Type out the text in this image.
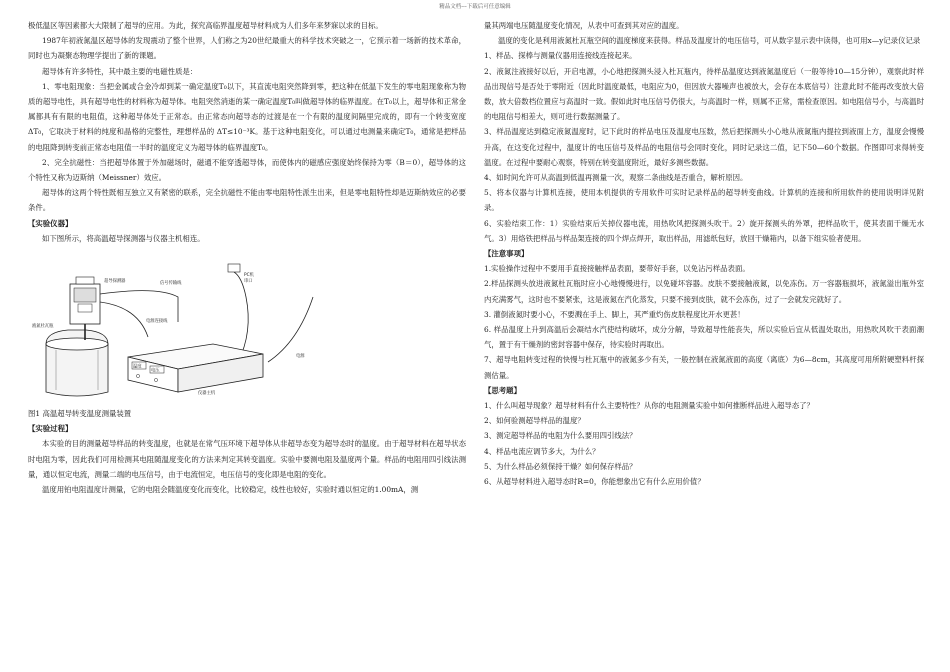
精品文档---下载后可任意编辑

极低温区等因素都大大限制了超导的应用。为此，探究高临界温度超导材料成为人们多年来梦寐以求的目标。

1987年初液氮温区超导体的发现震动了整个世界，人们称之为20世纪最重大的科学技术突破之一，它预示着一场新的技术革命，同时也为凝聚态物理学提出了新的课题。

超导体有许多特性，其中最主要的电磁性质是：

1、零电阻现象：当把金属或合金冷却到某一确定温度T₀以下，其直流电阻突然降到零，把这种在低温下发生的零电阻现象称为物质的超导电性，具有超导电性的材料称为超导体。电阻突然消逝的某一确定温度T₀叫做超导体的临界温度。在T₀以上，超导体和正常金属都具有有限的电阻值，这种超导体处于正常态。由正常态向超导态的过渡是在一个有限的温度间隔里完成的，即有一个转变宽度 ΔT₀，它取决于材料的纯度和晶格的完整性，理想样品的 ΔT≤10⁻³K。基于这种电阻变化，可以通过电测量来确定T₀，通常是把样品的电阻降到转变前正常态电阻值一半时的温度定义为超导体的临界温度T₀。

2、完全抗磁性：当把超导体置于外加磁场时，磁通不能穿透超导体，而使体内的磁感应强度始终保持为零（B＝0），超导体的这个特性又称为迈斯纳（Meissner）效应。

超导体的这两个特性既相互独立又有紧密的联系，完全抗磁性不能由零电阻特性派生出来，但是零电阻特性却是迈斯纳效应的必要条件。

【实验仪器】

如下图所示，将高温超导探测器与仪器主机相连。

温度
电压
信号传输线
PC机
串口
电源连接线
电源
液氮杜瓦瓶
超导探测器
仪器主机

图1 高温超导转变温度测量装置

【实验过程】

本实验的目的测量超导样品的转变温度，也就是在常气压环境下超导体从非超导态变为超导态时的温度。由于超导材料在超导状态时电阻为零，因此我们可用检测其电阻随温度变化的方法来判定其转变温度。实验中要测电阻及温度两个量。样品的电阻用四引线法测量，通以恒定电流，测量二端的电压信号，由于电流恒定，电压信号的变化即是电阻的变化。

温度用铂电阻温度计测量，它的电阻会随温度变化而变化，比较稳定，线性也较好，实验时通以恒定的1.00mA，测

量其两端电压随温度变化情况，从表中可查到其对应的温度。

温度的变化是利用液氮杜瓦瓶空间的温度梯度来获得。样品及温度计的电压信号，可从数字显示表中读得，也可用x—y记录仪记录

1、样品、探棒与测量仪器用连接线连接起来。

2、液氮注液接好以后，开启电源，小心地把探测头浸入杜瓦瓶内，待样品温度达到液氮温度后（一般等待10—15分钟），观察此时样品出现信号是否处于零附近（因此时温度最低，电阻应为0，但因放大器噪声也被放大，会存在本底信号）注意此时不能再改变放大倍数，放大倍数档位置应与高温时一致。假如此时电压信号仍很大，与高温时一样，则属不正常，需检查原因。如电阻信号小，与高温时的电阻信号相差大，则可进行数据测量了。

3、样品温度达到稳定液氮温度时，记下此时的样品电压及温度电压数，然后把探测头小心地从液氮瓶内提拉到液面上方，温度会慢慢升高，在这变化过程中，温度计的电压信号及样品的电阻信号会同时变化，同时记录这二值，记下50—60个数据。作图即可求得转变温度。在过程中要耐心观察，特别在转变温度附近，最好多测些数据。

4、如时间允许可从高温到低温再测量一次，观察二条曲线是否重合，解析原因。

5、将本仪器与计算机连接，使用本机提供的专用软件可实时记录样品的超导转变曲线。计算机的连接和所用软件的使用说明详见附录。

6、实验结束工作：1）实验结束后关掉仪器电流，用热吹风把探测头吹干。2）旋开探测头的外罩，把样品吹干，使其表面干燥无水气。3）用烙铁把样品与样品架连接的四个焊点焊开，取出样品，用滤纸包好，放回干燥箱内，以备下组实验者使用。

【注意事项】

1.实验操作过程中不要用手直接接触样品表面，要带好手套，以免沾污样品表面。

2.样品探测头放进液氮杜瓦瓶时应小心地慢慢进行，以免碰坏容器。皮肤不要接触液氮，以免冻伤。万一容器瓶损坏，液氮溢出瓶外室内充满雾气，这时也不要紧张，这是液氮在汽化蒸发，只要不接到皮肤，就不会冻伤，过了一会就发完就好了。

3. 灌倒液氮时要小心，不要溅在手上、脚上，其严重灼伤皮肤程度比开水更甚！

6. 样品温度上升到高温后会凝结水汽使结构破坏，成分分解，导致超导性能丧失，所以实验后宜从低温处取出，用热吹风吹干表面潮气，置于有干燥剂的密封容器中保存，待实验时再取出。

7、超导电阻转变过程的快慢与杜瓦瓶中的液氮多少有关，一般控制在液氮液面的高度（离底）为6—8cm，其高度可用所附硬塑料杆探测估量。

【思考题】

1、什么叫超导现象？超导材料有什么主要特性？从你的电阻测量实验中如何推断样品进入超导态了？

2、如何验测超导样品的温度？

3、测定超导样品的电阻为什么要用四引线法？

4、样品电流应调节多大，为什么？

5、为什么样品必须保持干燥？如何保存样品？

6、从超导材料进入超导态时R=0，你能想象出它有什么应用价值？
